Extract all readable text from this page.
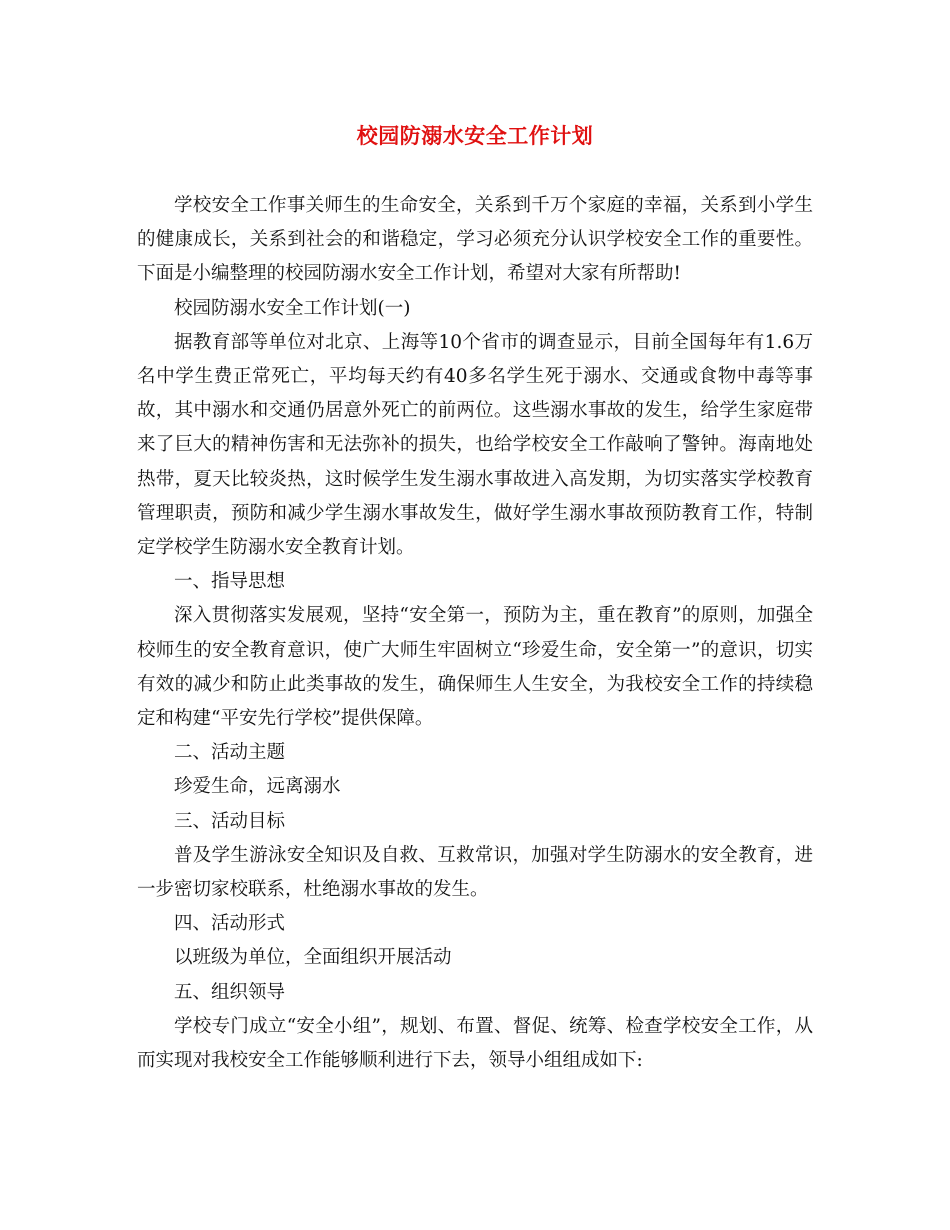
校园防溺水安全工作计划

学校安全工作事关师生的生命安全，关系到千万个家庭的幸福，关系到小学生的健康成长，关系到社会的和谐稳定，学习必须充分认识学校安全工作的重要性。下面是小编整理的校园防溺水安全工作计划，希望对大家有所帮助!

校园防溺水安全工作计划(一)

据教育部等单位对北京、上海等10个省市的调查显示，目前全国每年有1.6万名中学生费正常死亡，平均每天约有40多名学生死于溺水、交通或食物中毒等事故，其中溺水和交通仍居意外死亡的前两位。这些溺水事故的发生，给学生家庭带来了巨大的精神伤害和无法弥补的损失，也给学校安全工作敲响了警钟。海南地处热带，夏天比较炎热，这时候学生发生溺水事故进入高发期，为切实落实学校教育管理职责，预防和减少学生溺水事故发生，做好学生溺水事故预防教育工作，特制定学校学生防溺水安全教育计划。

一、指导思想

深入贯彻落实发展观，坚持“安全第一，预防为主，重在教育”的原则，加强全校师生的安全教育意识，使广大师生牢固树立“珍爱生命，安全第一”的意识，切实有效的减少和防止此类事故的发生，确保师生人生安全，为我校安全工作的持续稳定和构建“平安先行学校”提供保障。

二、活动主题

珍爱生命，远离溺水

三、活动目标

普及学生游泳安全知识及自救、互救常识，加强对学生防溺水的安全教育，进一步密切家校联系，杜绝溺水事故的发生。

四、活动形式

以班级为单位，全面组织开展活动

五、组织领导

学校专门成立“安全小组”，规划、布置、督促、统筹、检查学校安全工作，从而实现对我校安全工作能够顺利进行下去，领导小组组成如下:
